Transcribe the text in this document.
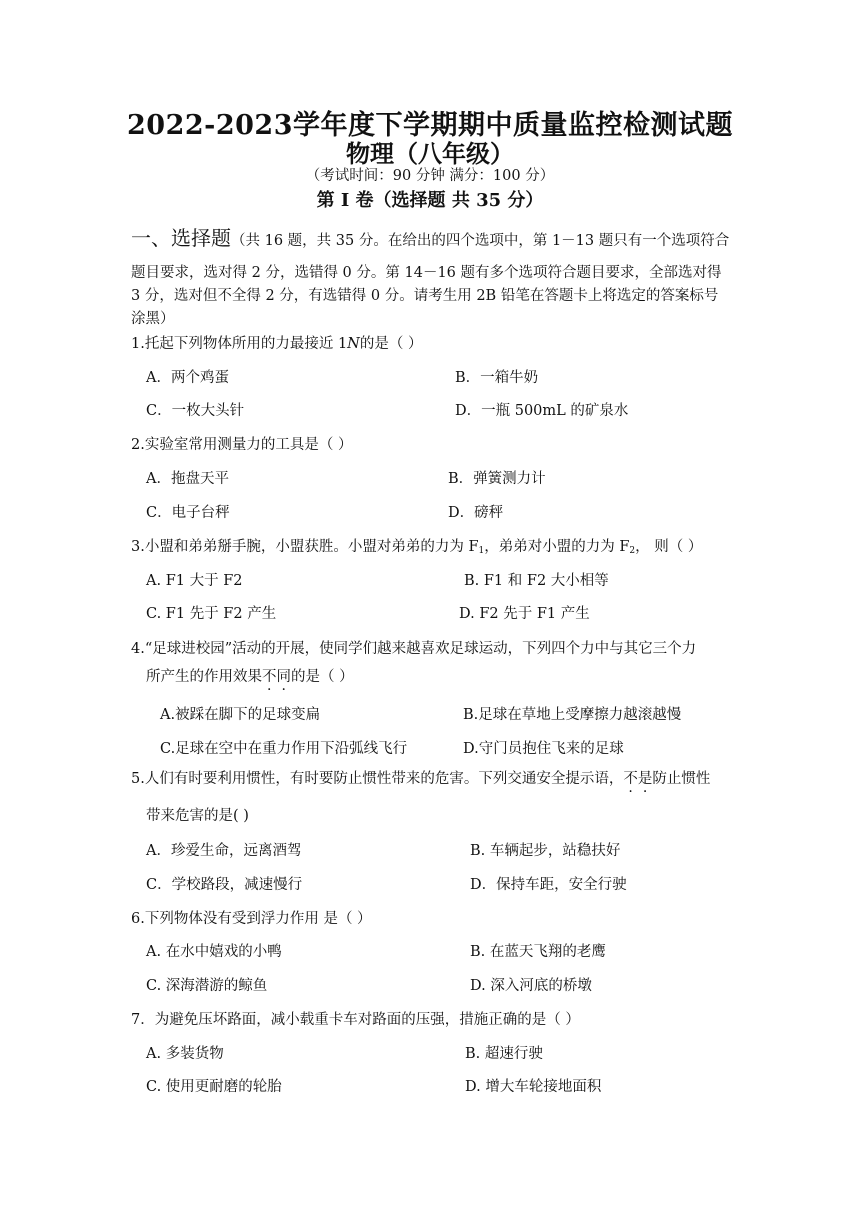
2022-2023学年度下学期期中质量监控检测试题
物理（八年级）
（考试时间：90 分钟 满分：100 分）
第 I 卷（选择题 共 35 分）
一、选择题（共 16 题，共 35 分。在给出的四个选项中，第 1－13 题只有一个选项符合
题目要求，选对得 2 分，选错得 0 分。第 14－16 题有多个选项符合题目要求，全部选对得
3 分，选对但不全得 2 分，有选错得 0 分。请考生用 2B 铅笔在答题卡上将选定的答案标号
涂黑）
1.托起下列物体所用的力最接近 1N的是（ ）
A．两个鸡蛋	B．一箱牛奶
C．一枚大头针	D．一瓶 500mL 的矿泉水
2.实验室常用测量力的工具是（ ）
A．拖盘天平	B．弹簧测力计
C．电子台秤	D．磅秤
3.小盟和弟弟掰手腕，小盟获胜。小盟对弟弟的力为 $F_1$，弟弟对小盟的力为 $F_2$， 则（ ）
A. F1 大于 F2	B. F1 和 F2 大小相等
C. F1 先于 F2 产生	D. F2 先于 F1 产生
4.“足球进校园”活动的开展，使同学们越来越喜欢足球运动，下列四个力中与其它三个力
所产生的作用效果不同的是（ ）
A.被踩在脚下的足球变扁	B.足球在草地上受摩擦力越滚越慢
C.足球在空中在重力作用下沿弧线飞行	D.守门员抱住飞来的足球
5.人们有时要利用惯性，有时要防止惯性带来的危害。下列交通安全提示语，不是防止惯性
带来危害的是( )
A．珍爱生命，远离酒驾	B. 车辆起步，站稳扶好
C．学校路段，减速慢行	D．保持车距，安全行驶
6.下列物体没有受到浮力作用 是（ ）
A. 在水中嬉戏的小鸭	B. 在蓝天飞翔的老鹰
C. 深海潜游的鲸鱼	D. 深入河底的桥墩
7．为避免压坏路面，减小载重卡车对路面的压强，措施正确的是（ ）
A. 多装货物	B. 超速行驶
C. 使用更耐磨的轮胎	D. 增大车轮接地面积
